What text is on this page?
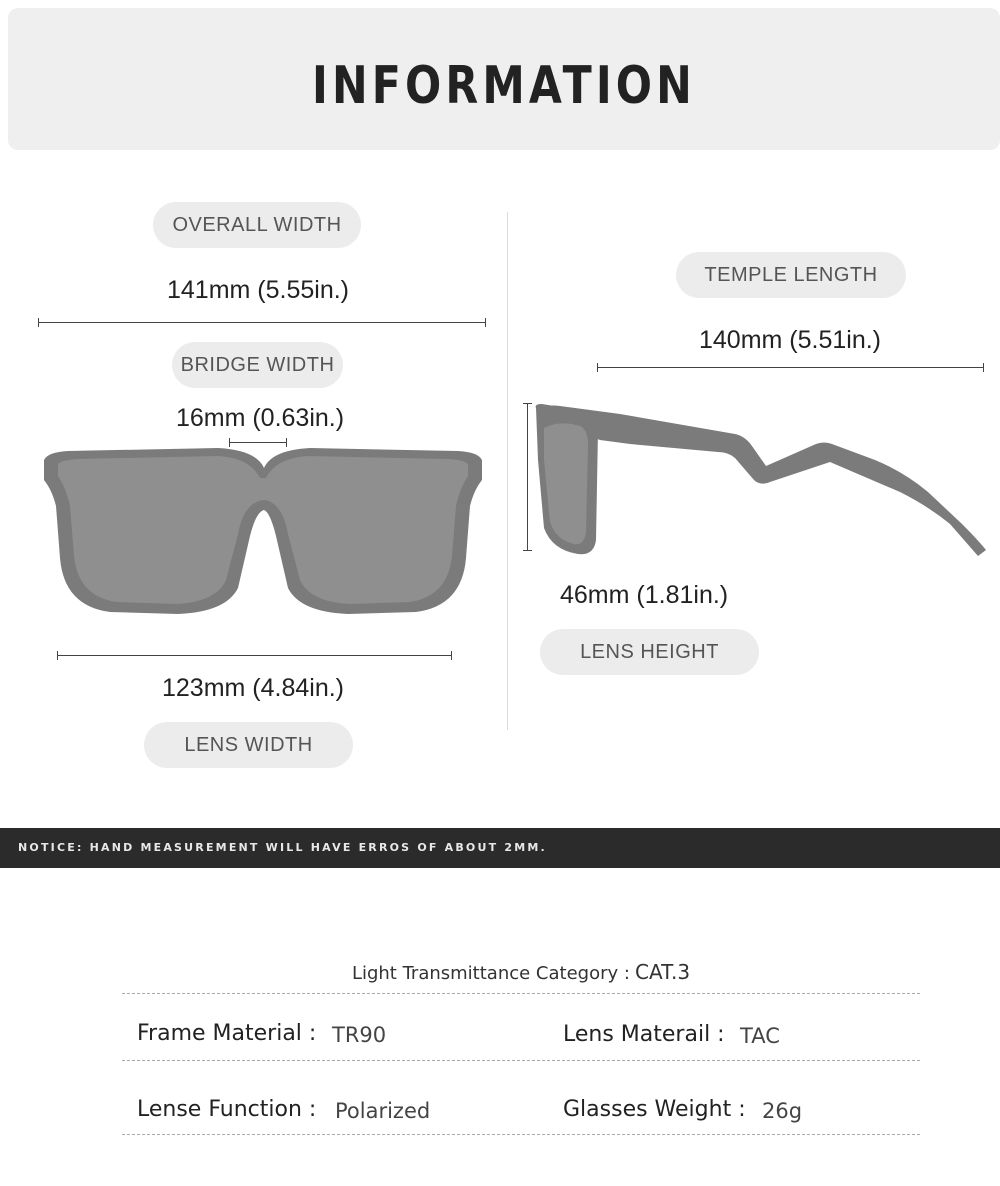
INFORMATION
OVERALL WIDTH
141mm (5.55in.)
BRIDGE WIDTH
16mm (0.63in.)
123mm (4.84in.)
LENS WIDTH
TEMPLE LENGTH
140mm (5.51in.)
46mm (1.81in.)
LENS HEIGHT
NOTICE: HAND MEASUREMENT WILL HAVE ERROS OF ABOUT 2MM.
Light Transmittance Category : CAT.3
Frame Material : TR90	Lens Materail : TAC
Lense Function : Polarized	Glasses Weight : 26g
